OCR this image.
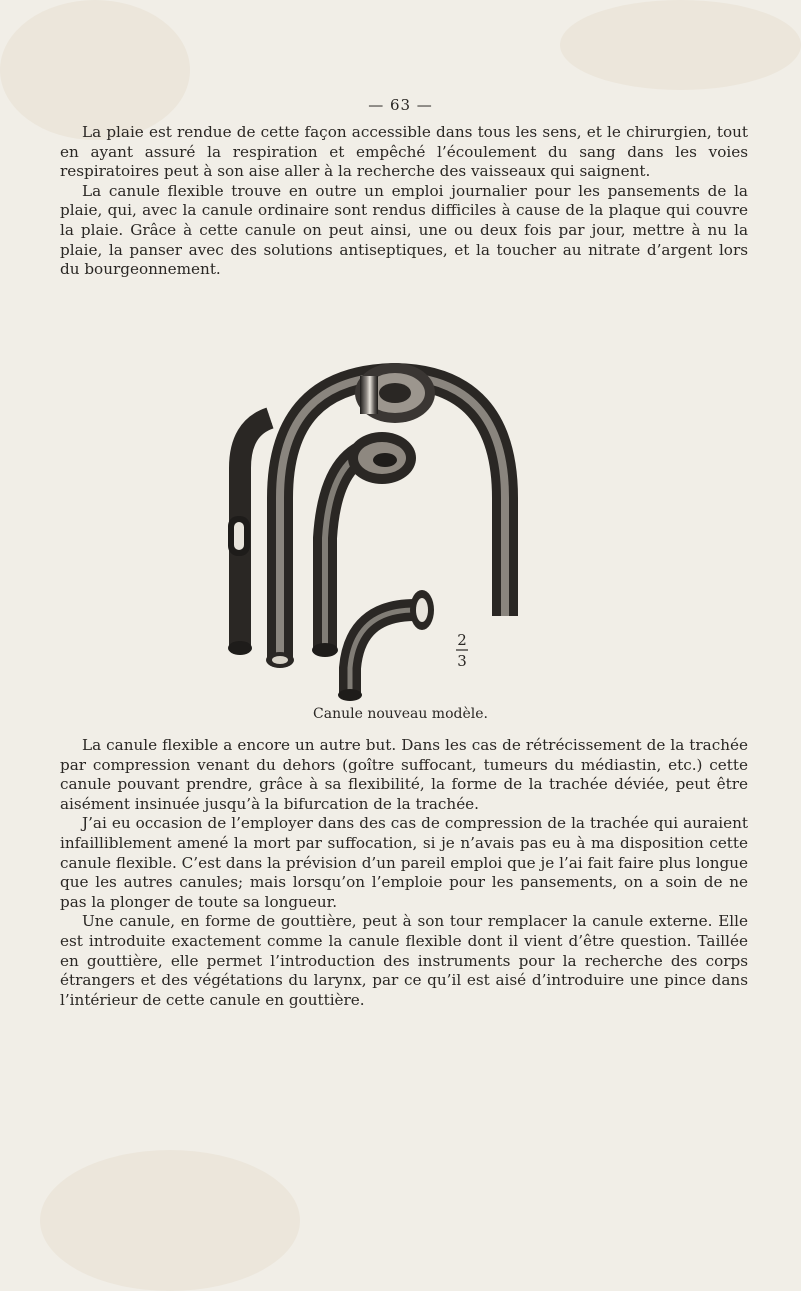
— 63 —

La plaie est rendue de cette façon accessible dans tous les sens, et le chirurgien, tout en ayant assuré la respiration et empêché l’écoulement du sang dans les voies respiratoires peut à son aise aller à la recherche des vaisseaux qui saignent.

La canule flexible trouve en outre un emploi journalier pour les pansements de la plaie, qui, avec la canule ordinaire sont rendus difficiles à cause de la plaque qui couvre la plaie. Grâce à cette canule on peut ainsi, une ou deux fois par jour, mettre à nu la plaie, la panser avec des solutions antiseptiques, et la toucher au nitrate d’argent lors du bourgeonnement.

2
3
Canule nouveau modèle.

La canule flexible a encore un autre but. Dans les cas de rétrécissement de la trachée par compression venant du dehors (goître suffocant, tumeurs du médiastin, etc.) cette canule pouvant prendre, grâce à sa flexibilité, la forme de la trachée déviée, peut être aisément insinuée jusqu’à la bifurcation de la trachée.

J’ai eu occasion de l’employer dans des cas de compression de la trachée qui auraient infailliblement amené la mort par suffocation, si je n’avais pas eu à ma disposition cette canule flexible. C’est dans la prévision d’un pareil emploi que je l’ai fait faire plus longue que les autres canules; mais lorsqu’on l’emploie pour les pansements, on a soin de ne pas la plonger de toute sa longueur.

Une canule, en forme de gouttière, peut à son tour remplacer la canule externe. Elle est introduite exactement comme la canule flexible dont il vient d’être question. Taillée en gouttière, elle permet l’introduction des instruments pour la recherche des corps étrangers et des végétations du larynx, par ce qu’il est aisé d’introduire une pince dans l’intérieur de cette canule en gouttière.
